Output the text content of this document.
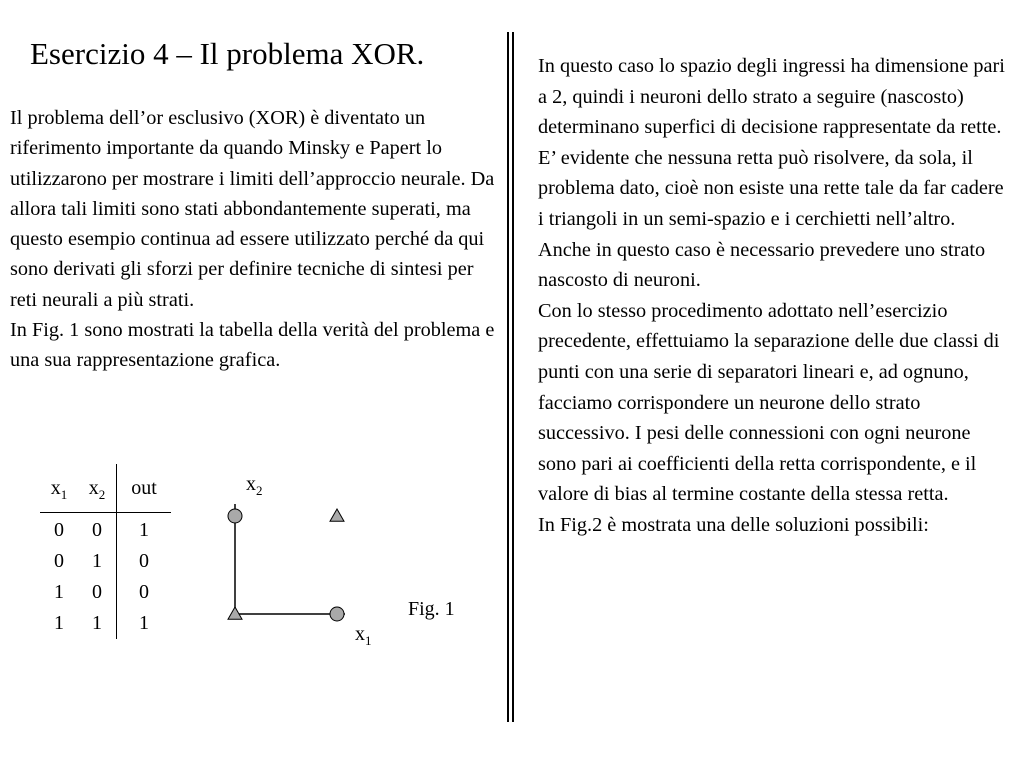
Esercizio 4 – Il problema XOR.

Il problema dell’or esclusivo (XOR) è diventato un riferimento importante da quando Minsky e Papert lo utilizzarono per mostrare i limiti dell’approccio neurale. Da allora tali limiti sono stati abbondantemente superati, ma questo esempio continua ad essere utilizzato perché da qui sono derivati gli sforzi per definire tecniche di sintesi per reti neurali a più strati.

In Fig. 1 sono mostrati la tabella della verità del problema e una sua rappresentazione grafica.

In questo caso lo spazio degli ingressi ha dimensione pari a 2, quindi i neuroni dello strato a seguire (nascosto) determinano superfici di decisione rappresentate da rette.

E’ evidente che nessuna retta può risolvere, da sola, il problema dato, cioè non esiste una rette tale da far cadere i triangoli in un semi-spazio e i cerchietti nell’altro.

Anche in questo caso è necessario prevedere uno strato nascosto di neuroni.

Con lo stesso procedimento adottato nell’esercizio precedente, effettuiamo la separazione delle due classi di punti con una serie di separatori lineari e, ad ognuno, facciamo corrispondere un neurone dello strato successivo. I pesi delle connessioni con ogni neurone sono pari ai coefficienti della retta corrispondente, e il valore di bias al termine costante della stessa retta.

In Fig.2 è mostrata una delle soluzioni possibili:

$x_1$	$x_2$	out
0	0	1
0	1	0
1	0	0
1	1	1
$x_2$
$x_1$
Fig. 1
